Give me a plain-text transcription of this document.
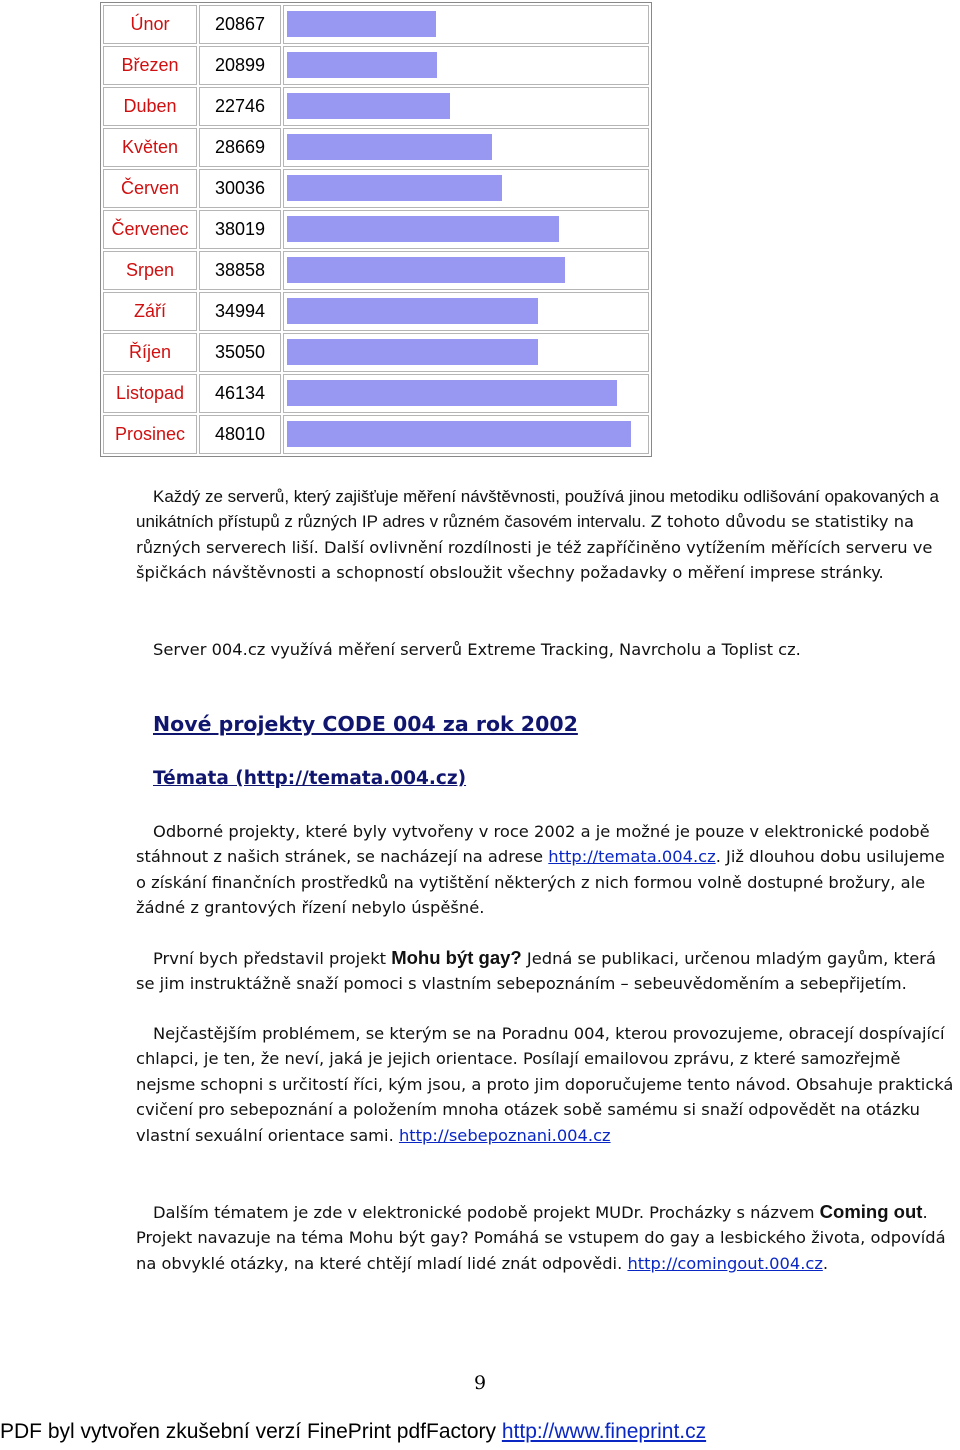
Únor	20867	

Březen	20899	

Duben	22746	

Květen	28669	

Červen	30036	

Červenec	38019	

Srpen	38858	

Září	34994	

Říjen	35050	

Listopad	46134	

Prosinec	48010	

Každý ze serverů, který zajišťuje měření návštěvnosti, používá jinou metodiku odlišování opakovaných a unikátních přístupů z různých IP adres v různém časovém intervalu. Z tohoto důvodu se statistiky na různých serverech liší. Další ovlivnění rozdílnosti je též zapříčiněno vytížením měřících serveru ve špičkách návštěvnosti a schopností obsloužit všechny požadavky o měření imprese stránky.

Server 004.cz využívá měření serverů Extreme Tracking, Navrcholu a Toplist cz.

Nové projekty CODE 004 za rok 2002
Témata (http://temata.004.cz)

Odborné projekty, které byly vytvořeny v roce 2002 a je možné je pouze v elektronické podobě stáhnout z našich stránek, se nacházejí na adrese http://temata.004.cz. Již dlouhou dobu usilujeme o získání finančních prostředků na vytištění některých z nich formou volně dostupné brožury, ale žádné z grantových řízení nebylo úspěšné.

První bych představil projekt Mohu být gay? Jedná se publikaci, určenou mladým gayům, která se jim instruktážně snaží pomoci s vlastním sebepoznáním – sebeuvědoměním a sebepřijetím.

Nejčastějším problémem, se kterým se na Poradnu 004, kterou provozujeme, obracejí dospívající chlapci, je ten, že neví, jaká je jejich orientace. Posílají emailovou zprávu, z které samozřejmě nejsme schopni s určitostí říci, kým jsou, a proto jim doporučujeme tento návod. Obsahuje praktická cvičení pro sebepoznání a položením mnoha otázek sobě samému si snaží odpovědět na otázku vlastní sexuální orientace sami. http://sebepoznani.004.cz

Dalším tématem je zde v elektronické podobě projekt MUDr. Procházky s názvem Coming out. Projekt navazuje na téma Mohu být gay? Pomáhá se vstupem do gay a lesbického života, odpovídá na obvyklé otázky, na které chtějí mladí lidé znát odpovědi. http://comingout.004.cz.

9
PDF byl vytvořen zkušební verzí FinePrint pdfFactory http://www.fineprint.cz
